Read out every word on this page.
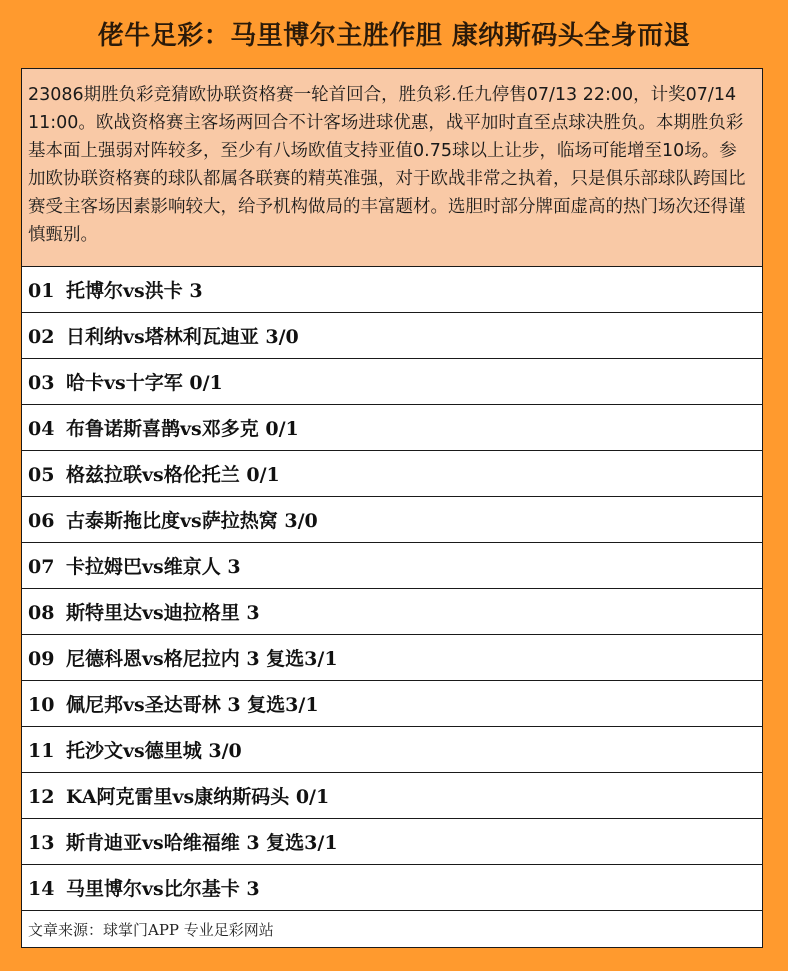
佬牛足彩：马里博尔主胜作胆 康纳斯码头全身而退
23086期胜负彩竞猜欧协联资格赛一轮首回合，胜负彩.任九停售07/13 22:00，计奖07/14 11:00。欧战资格赛主客场两回合不计客场进球优惠，战平加时直至点球决胜负。本期胜负彩基本面上强弱对阵较多，至少有八场欧值支持亚值0.75球以上让步，临场可能增至10场。参加欧协联资格赛的球队都属各联赛的精英准强，对于欧战非常之执着，只是俱乐部球队跨国比赛受主客场因素影响较大，给予机构做局的丰富题材。选胆时部分牌面虚高的热门场次还得谨慎甄别。
01 托博尔vs洪卡 3
02 日利纳vs塔林利瓦迪亚 3/0
03 哈卡vs十字军 0/1
04 布鲁诺斯喜鹊vs邓多克 0/1
05 格兹拉联vs格伦托兰 0/1
06 古泰斯拖比度vs萨拉热窝 3/0
07 卡拉姆巴vs维京人 3
08 斯特里达vs迪拉格里 3
09 尼德科恩vs格尼拉内 3 复选3/1
10 佩尼邦vs圣达哥林 3 复选3/1
11 托沙文vs德里城 3/0
12 KA阿克雷里vs康纳斯码头 0/1
13 斯肯迪亚vs哈维福维 3 复选3/1
14 马里博尔vs比尔基卡 3
文章来源：球掌门APP 专业足彩网站
